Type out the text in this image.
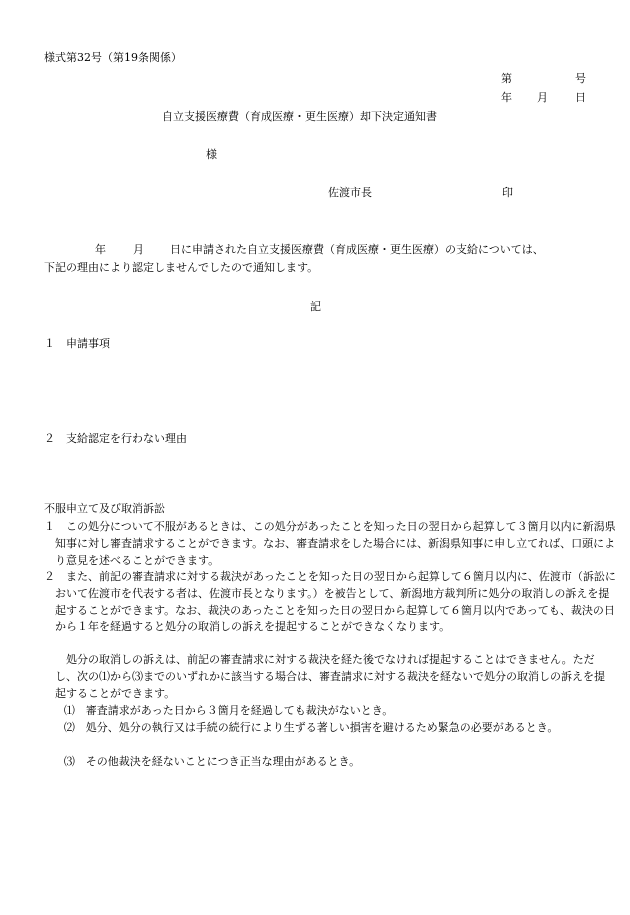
様式第32号（第19条関係）
第	号
年 月 日
自立支援医療費（育成医療・更生医療）却下決定通知書
様
佐渡市長	印
年 月 日に申請された自立支援医療費（育成医療・更生医療）の支給については、
下記の理由により認定しませんでしたので通知します。
記
１　申請事項
２　支給認定を行わない理由
不服申立て及び取消訴訟
１　この処分について不服があるときは、この処分があったことを知った日の翌日から起算して３箇月以内に新潟県知事に対し審査請求することができます。なお、審査請求をした場合には、新潟県知事に申し立てれば、口頭により意見を述べることができます。
２　また、前記の審査請求に対する裁決があったことを知った日の翌日から起算して６箇月以内に、佐渡市（訴訟において佐渡市を代表する者は、佐渡市長となります。）を被告として、新潟地方裁判所に処分の取消しの訴えを提起することができます。なお、裁決のあったことを知った日の翌日から起算して６箇月以内であっても、裁決の日から１年を経過すると処分の取消しの訴えを提起することができなくなります。
処分の取消しの訴えは、前記の審査請求に対する裁決を経た後でなければ提起することはできません。ただし、次の⑴から⑶までのいずれかに該当する場合は、審査請求に対する裁決を経ないで処分の取消しの訴えを提起することができます。
⑴　審査請求があった日から３箇月を経過しても裁決がないとき。
⑵　処分、処分の執行又は手続の続行により生ずる著しい損害を避けるため緊急の必要があるとき。
⑶　その他裁決を経ないことにつき正当な理由があるとき。
